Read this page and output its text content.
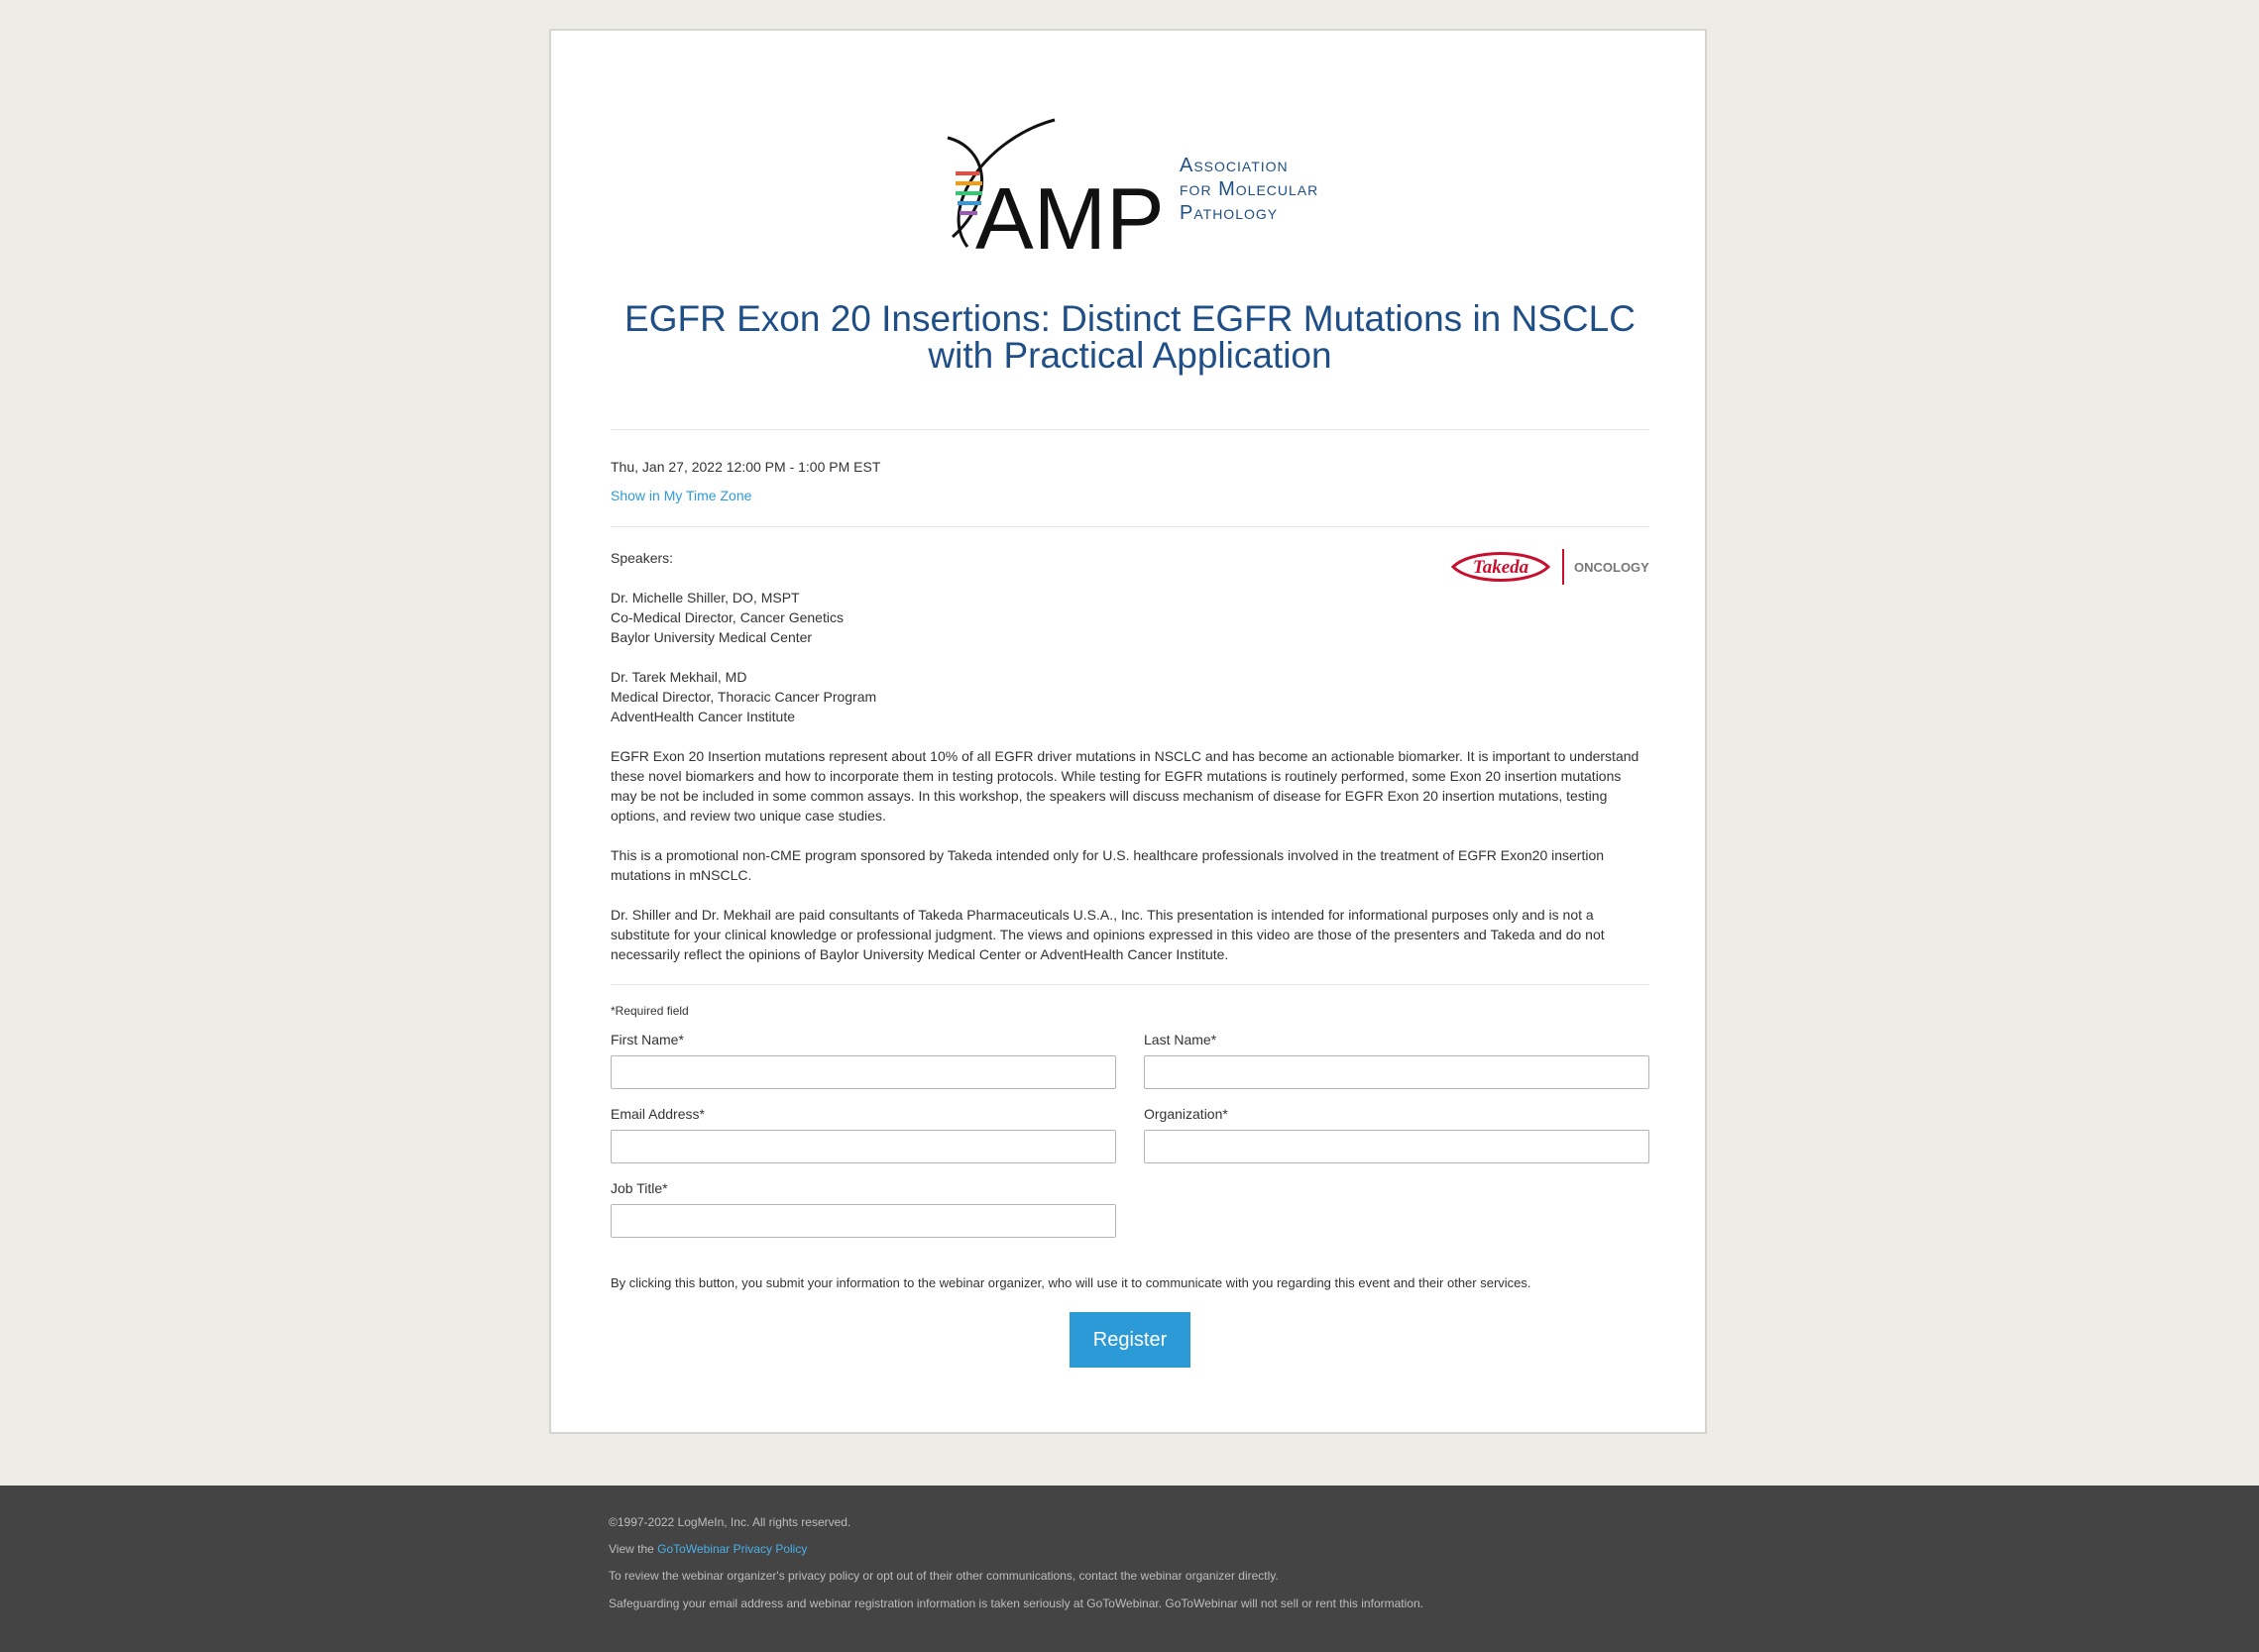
AMP
Association
for Molecular
Pathology
EGFR Exon 20 Insertions: Distinct EGFR Mutations in NSCLC with Practical Application
Thu, Jan 27, 2022 12:00 PM - 1:00 PM EST
Show in My Time Zone
Takeda	ONCOLOGY
Speakers:
Dr. Michelle Shiller, DO, MSPT
Co-Medical Director, Cancer Genetics
Baylor University Medical Center
Dr. Tarek Mekhail, MD
Medical Director, Thoracic Cancer Program
AdventHealth Cancer Institute
EGFR Exon 20 Insertion mutations represent about 10% of all EGFR driver mutations in NSCLC and has become an actionable biomarker. It is important to understand these novel biomarkers and how to incorporate them in testing protocols. While testing for EGFR mutations is routinely performed, some Exon 20 insertion mutations may be not be included in some common assays. In this workshop, the speakers will discuss mechanism of disease for EGFR Exon 20 insertion mutations, testing options, and review two unique case studies.
This is a promotional non-CME program sponsored by Takeda intended only for U.S. healthcare professionals involved in the treatment of EGFR Exon20 insertion mutations in mNSCLC.
Dr. Shiller and Dr. Mekhail are paid consultants of Takeda Pharmaceuticals U.S.A., Inc. This presentation is intended for informational purposes only and is not a substitute for your clinical knowledge or professional judgment. The views and opinions expressed in this video are those of the presenters and Takeda and do not necessarily reflect the opinions of Baylor University Medical Center or AdventHealth Cancer Institute.
*Required field
First Name*	Last Name*
Email Address*	Organization*
Job Title*
By clicking this button, you submit your information to the webinar organizer, who will use it to communicate with you regarding this event and their other services.
Register
©1997-2022 LogMeIn, Inc. All rights reserved.
View the GoToWebinar Privacy Policy
To review the webinar organizer's privacy policy or opt out of their other communications, contact the webinar organizer directly.
Safeguarding your email address and webinar registration information is taken seriously at GoToWebinar. GoToWebinar will not sell or rent this information.
